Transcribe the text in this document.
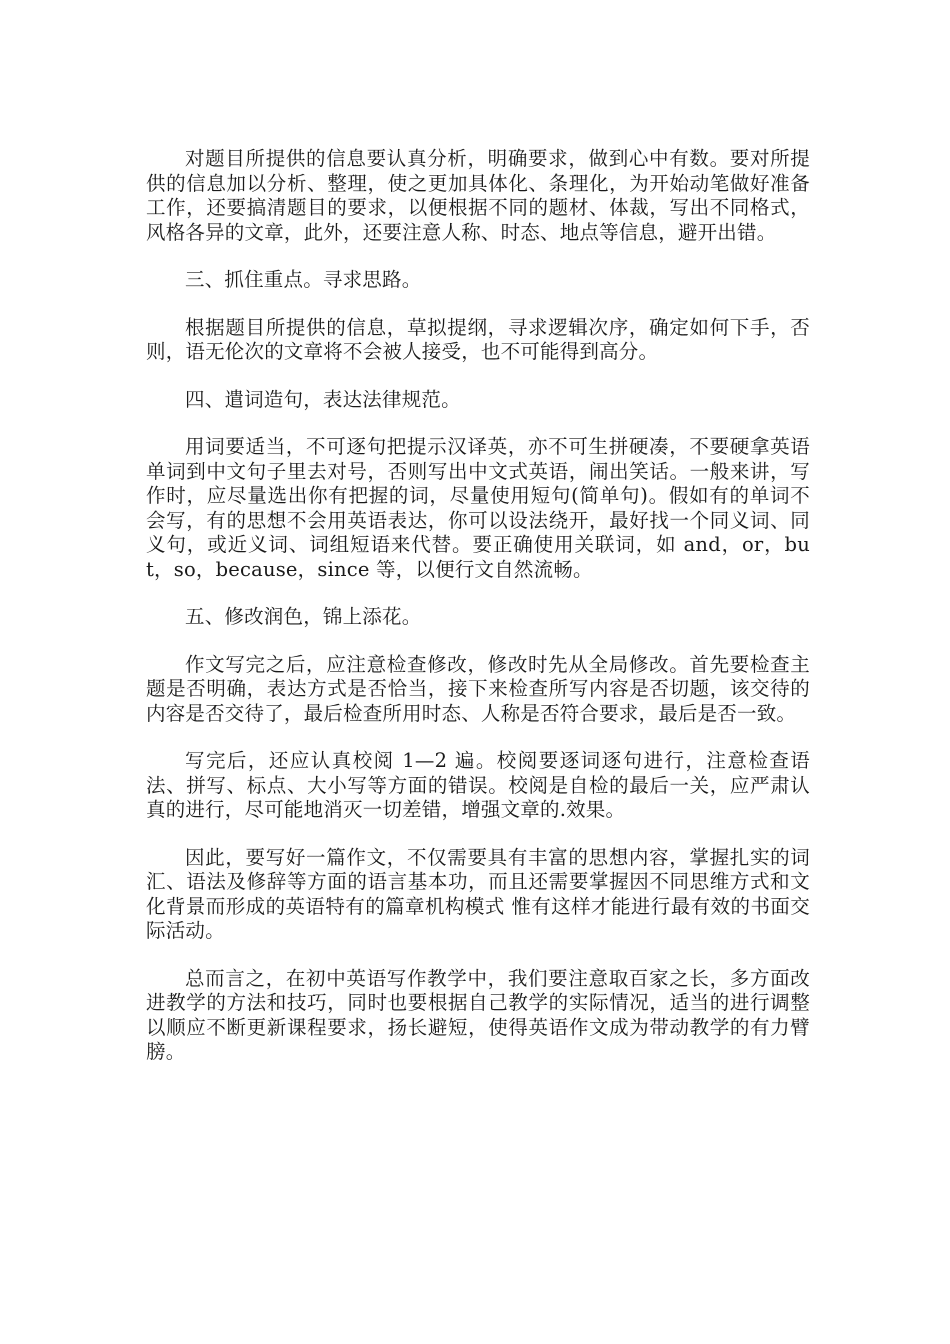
对题目所提供的信息要认真分析，明确要求，做到心中有数。要对所提供的信息加以分析、整理，使之更加具体化、条理化，为开始动笔做好准备工作，还要搞清题目的要求，以便根据不同的题材、体裁，写出不同格式，风格各异的文章，此外，还要注意人称、时态、地点等信息，避开出错。

三、抓住重点。寻求思路。

根据题目所提供的信息，草拟提纲，寻求逻辑次序，确定如何下手，否则，语无伦次的文章将不会被人接受，也不可能得到高分。

四、遣词造句，表达法律规范。

用词要适当，不可逐句把提示汉译英，亦不可生拼硬凑，不要硬拿英语单词到中文句子里去对号，否则写出中文式英语，闹出笑话。一般来讲，写作时，应尽量选出你有把握的词，尽量使用短句(简单句)。假如有的单词不会写，有的思想不会用英语表达，你可以设法绕开，最好找一个同义词、同义句，或近义词、词组短语来代替。要正确使用关联词，如 and，or，but，so，because，since 等，以便行文自然流畅。

五、修改润色，锦上添花。

作文写完之后，应注意检查修改，修改时先从全局修改。首先要检查主题是否明确，表达方式是否恰当，接下来检查所写内容是否切题，该交待的内容是否交待了，最后检查所用时态、人称是否符合要求，最后是否一致。

写完后，还应认真校阅 1—2 遍。校阅要逐词逐句进行，注意检查语法、拼写、标点、大小写等方面的错误。校阅是自检的最后一关，应严肃认真的进行，尽可能地消灭一切差错，增强文章的.效果。

因此，要写好一篇作文，不仅需要具有丰富的思想内容，掌握扎实的词汇、语法及修辞等方面的语言基本功，而且还需要掌握因不同思维方式和文化背景而形成的英语特有的篇章机构模式 惟有这样才能进行最有效的书面交际活动。

总而言之，在初中英语写作教学中，我们要注意取百家之长，多方面改进教学的方法和技巧，同时也要根据自己教学的实际情况，适当的进行调整以顺应不断更新课程要求，扬长避短，使得英语作文成为带动教学的有力臂膀。
